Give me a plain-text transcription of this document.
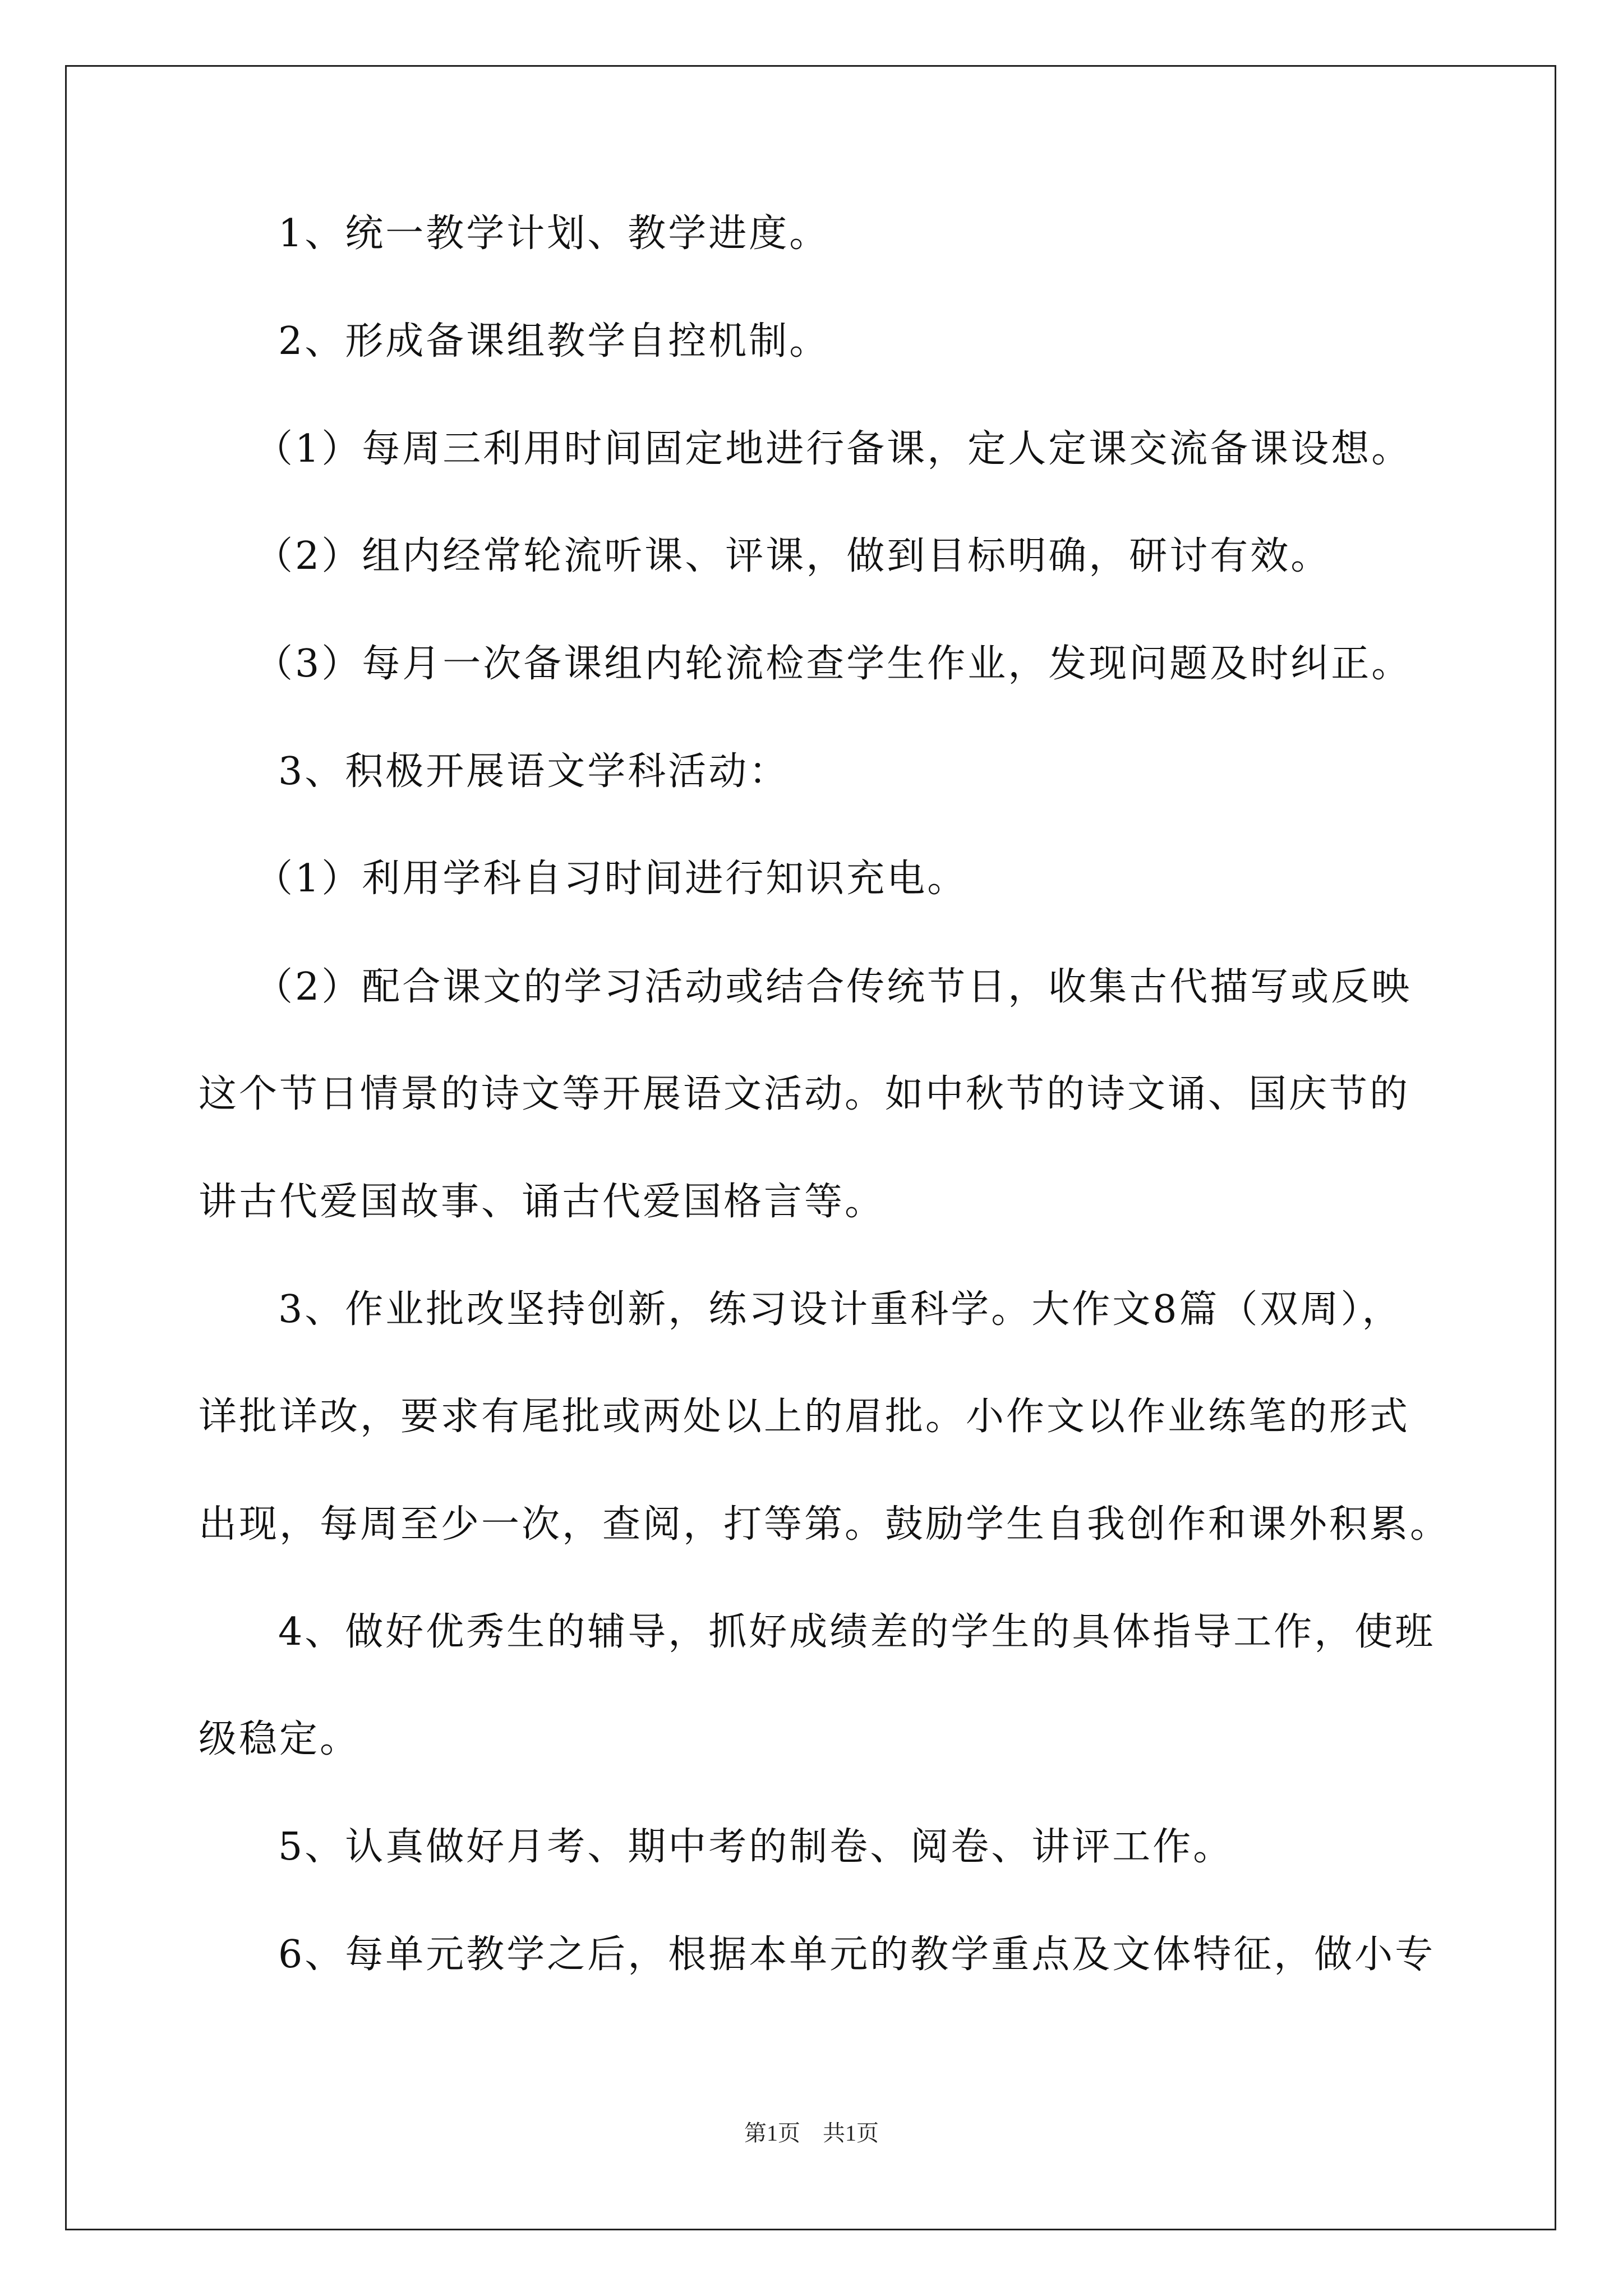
1、统一教学计划、教学进度。
2、形成备课组教学自控机制。
（1）每周三利用时间固定地进行备课，定人定课交流备课设想。
（2）组内经常轮流听课、评课，做到目标明确，研讨有效。
（3）每月一次备课组内轮流检查学生作业，发现问题及时纠正。
3、积极开展语文学科活动：
（1）利用学科自习时间进行知识充电。
（2）配合课文的学习活动或结合传统节日，收集古代描写或反映
这个节日情景的诗文等开展语文活动。如中秋节的诗文诵、国庆节的
讲古代爱国故事、诵古代爱国格言等。
3、作业批改坚持创新，练习设计重科学。大作文8篇（双周），
详批详改，要求有尾批或两处以上的眉批。小作文以作业练笔的形式
出现，每周至少一次，查阅，打等第。鼓励学生自我创作和课外积累。
4、做好优秀生的辅导，抓好成绩差的学生的具体指导工作，使班
级稳定。
5、认真做好月考、期中考的制卷、阅卷、讲评工作。
6、每单元教学之后，根据本单元的教学重点及文体特征，做小专
第1页 共1页
